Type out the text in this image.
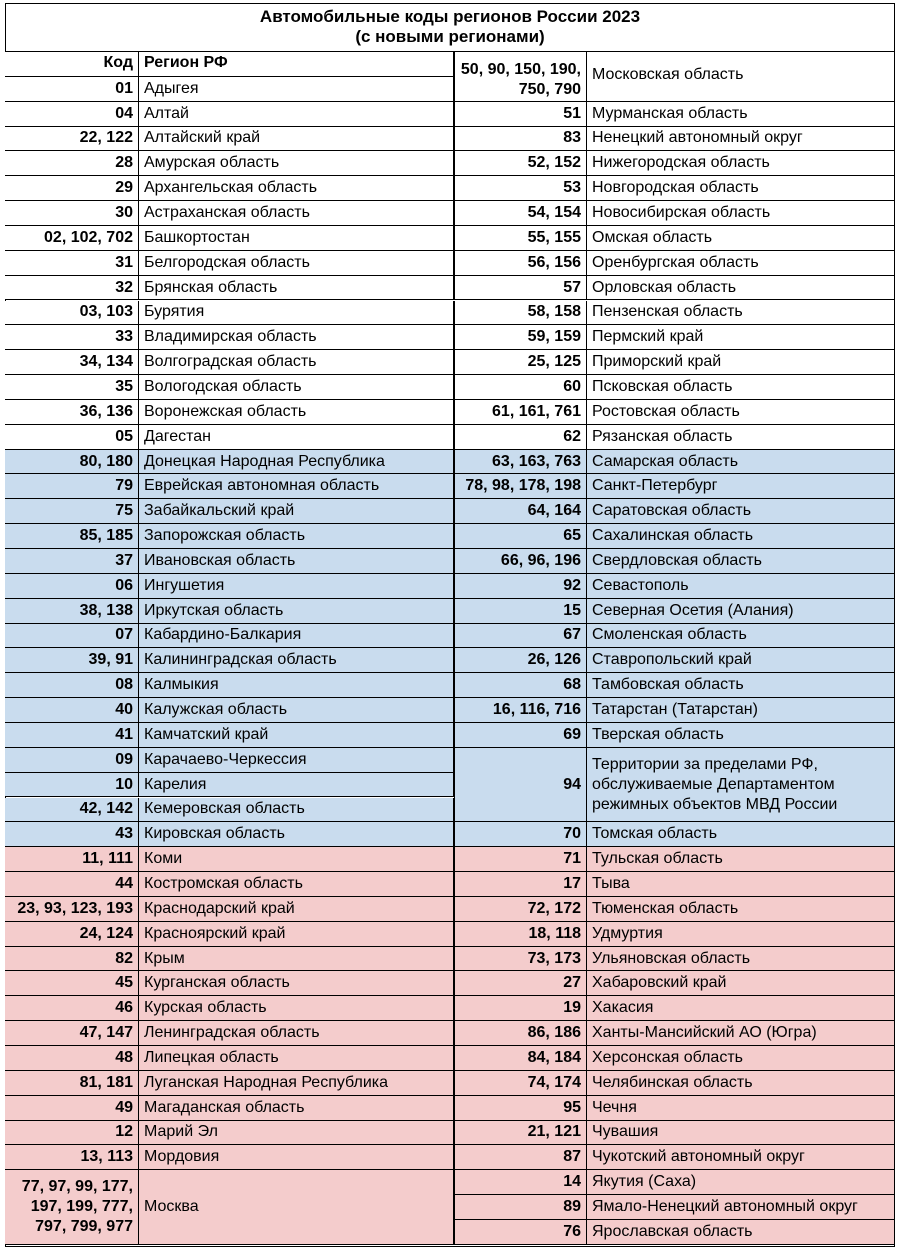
Автомобильные коды регионов России 2023
(с новыми регионами)
Код Регион РФ
01 Адыгея
04 Алтай
22, 122 Алтайский край
28 Амурская область
29 Архангельская область
30 Астраханская область
02, 102, 702 Башкортостан
31 Белгородская область
32 Брянская область
03, 103 Бурятия
33 Владимирская область
34, 134 Волгоградская область
35 Вологодская область
36, 136 Воронежская область
05 Дагестан
80, 180 Донецкая Народная Республика
79 Еврейская автономная область
75 Забайкальский край
85, 185 Запорожская область
37 Ивановская область
06 Ингушетия
38, 138 Иркутская область
07 Кабардино-Балкария
39, 91 Калининградская область
08 Калмыкия
40 Калужская область
41 Камчатский край
09 Карачаево-Черкессия
10 Карелия
42, 142 Кемеровская область
43 Кировская область
11, 111 Коми
44 Костромская область
23, 93, 123, 193 Краснодарский край
24, 124 Красноярский край
82 Крым
45 Курганская область
46 Курская область
47, 147 Ленинградская область
48 Липецкая область
81, 181 Луганская Народная Республика
49 Магаданская область
12 Марий Эл
13, 113 Мордовия
77, 97, 99, 177,
197, 199, 777,
797, 799, 977
Москва
50, 90, 150, 190,
750, 790
Московская область
51 Мурманская область
83 Ненецкий автономный округ
52, 152 Нижегородская область
53 Новгородская область
54, 154 Новосибирская область
55, 155 Омская область
56, 156 Оренбургская область
57 Орловская область
58, 158 Пензенская область
59, 159 Пермский край
25, 125 Приморский край
60 Псковская область
61, 161, 761 Ростовская область
62 Рязанская область
63, 163, 763 Самарская область
78, 98, 178, 198 Санкт-Петербург
64, 164 Саратовская область
65 Сахалинская область
66, 96, 196 Свердловская область
92 Севастополь
15 Северная Осетия (Алания)
67 Смоленская область
26, 126 Ставропольский край
68 Тамбовская область
16, 116, 716 Татарстан (Татарстан)
69 Тверская область
94
Территории за пределами РФ,
обслуживаемые Департаментом
режимных объектов МВД России
70 Томская область
71 Тульская область
17 Тыва
72, 172 Тюменская область
18, 118 Удмуртия
73, 173 Ульяновская область
27 Хабаровский край
19 Хакасия
86, 186 Ханты-Мансийский АО (Югра)
84, 184 Херсонская область
74, 174 Челябинская область
95 Чечня
21, 121 Чувашия
87 Чукотский автономный округ
14 Якутия (Саха)
89 Ямало-Ненецкий автономный округ
76 Ярославская область
